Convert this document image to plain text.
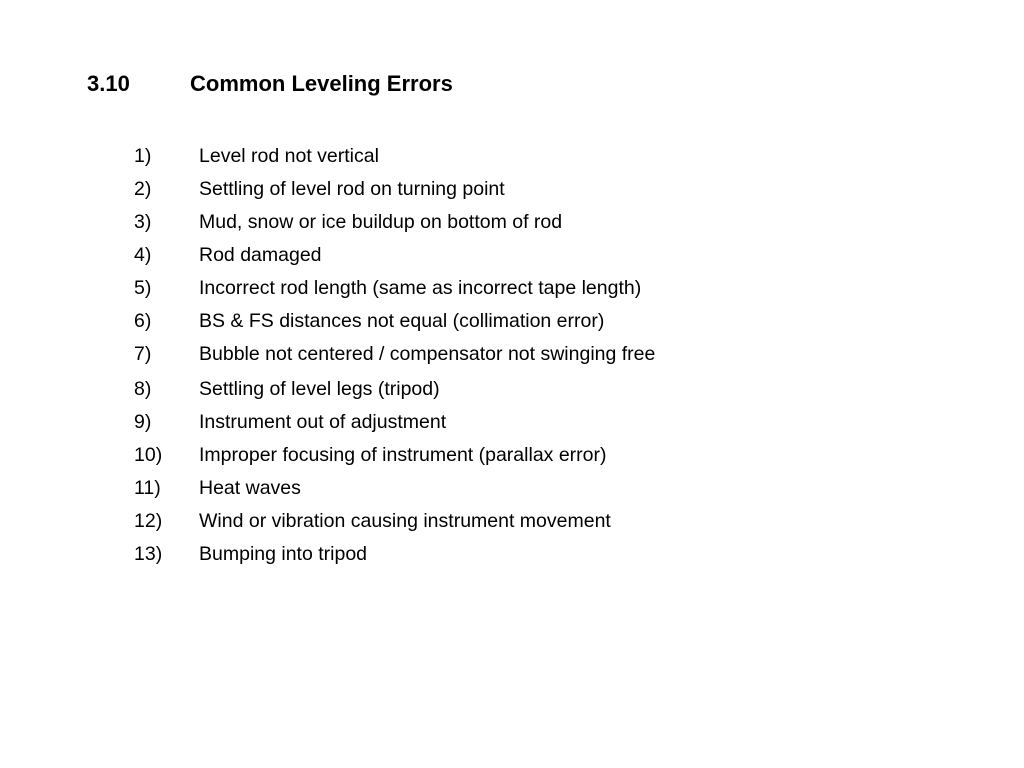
3.10	Common Leveling Errors
1) Level rod not vertical
2) Settling of level rod on turning point
3) Mud, snow or ice buildup on bottom of rod
4) Rod damaged
5) Incorrect rod length (same as incorrect tape length)
6) BS & FS distances not equal (collimation error)
7) Bubble not centered / compensator not swinging free
8) Settling of level legs (tripod)
9) Instrument out of adjustment
10) Improper focusing of instrument (parallax error)
11) Heat waves
12) Wind or vibration causing instrument movement
13) Bumping into tripod
